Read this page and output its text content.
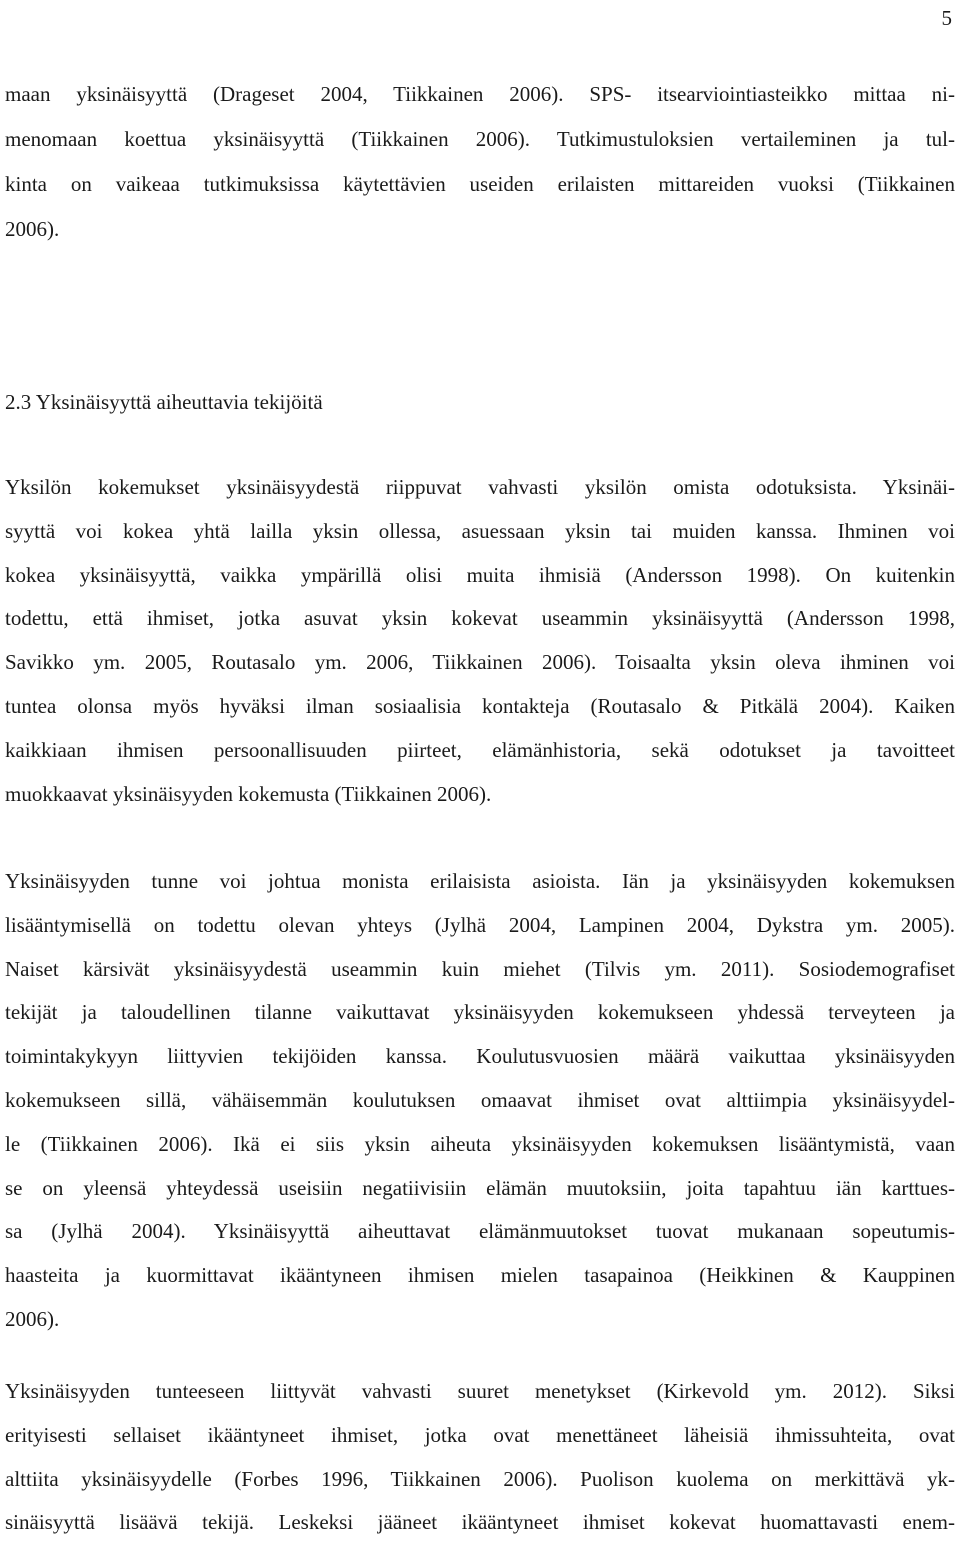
5
maan yksinäisyyttä (Drageset 2004, Tiikkainen 2006). SPS- itsearviointiasteikko mittaa ni-
menomaan koettua yksinäisyyttä (Tiikkainen 2006). Tutkimustuloksien vertaileminen ja tul-
kinta on vaikeaa tutkimuksissa käytettävien useiden erilaisten mittareiden vuoksi (Tiikkainen
2006).
2.3 Yksinäisyyttä aiheuttavia tekijöitä
Yksilön kokemukset yksinäisyydestä riippuvat vahvasti yksilön omista odotuksista. Yksinäi-
syyttä voi kokea yhtä lailla yksin ollessa, asuessaan yksin tai muiden kanssa. Ihminen voi
kokea yksinäisyyttä, vaikka ympärillä olisi muita ihmisiä (Andersson 1998). On kuitenkin
todettu, että ihmiset, jotka asuvat yksin kokevat useammin yksinäisyyttä (Andersson 1998,
Savikko ym. 2005, Routasalo ym. 2006, Tiikkainen 2006). Toisaalta yksin oleva ihminen voi
tuntea olonsa myös hyväksi ilman sosiaalisia kontakteja (Routasalo & Pitkälä 2004). Kaiken
kaikkiaan ihmisen persoonallisuuden piirteet, elämänhistoria, sekä odotukset ja tavoitteet
muokkaavat yksinäisyyden kokemusta (Tiikkainen 2006).
Yksinäisyyden tunne voi johtua monista erilaisista asioista. Iän ja yksinäisyyden kokemuksen
lisääntymisellä on todettu olevan yhteys (Jylhä 2004, Lampinen 2004, Dykstra ym. 2005).
Naiset kärsivät yksinäisyydestä useammin kuin miehet (Tilvis ym. 2011). Sosiodemografiset
tekijät ja taloudellinen tilanne vaikuttavat yksinäisyyden kokemukseen yhdessä terveyteen ja
toimintakykyyn liittyvien tekijöiden kanssa. Koulutusvuosien määrä vaikuttaa yksinäisyyden
kokemukseen sillä, vähäisemmän koulutuksen omaavat ihmiset ovat alttiimpia yksinäisyydel-
le (Tiikkainen 2006). Ikä ei siis yksin aiheuta yksinäisyyden kokemuksen lisääntymistä, vaan
se on yleensä yhteydessä useisiin negatiivisiin elämän muutoksiin, joita tapahtuu iän karttues-
sa (Jylhä 2004). Yksinäisyyttä aiheuttavat elämänmuutokset tuovat mukanaan sopeutumis-
haasteita ja kuormittavat ikääntyneen ihmisen mielen tasapainoa (Heikkinen & Kauppinen
2006).
Yksinäisyyden tunteeseen liittyvät vahvasti suuret menetykset (Kirkevold ym. 2012). Siksi
erityisesti sellaiset ikääntyneet ihmiset, jotka ovat menettäneet läheisiä ihmissuhteita, ovat
alttiita yksinäisyydelle (Forbes 1996, Tiikkainen 2006). Puolison kuolema on merkittävä yk-
sinäisyyttä lisäävä tekijä. Leskeksi jääneet ikääntyneet ihmiset kokevat huomattavasti enem-
